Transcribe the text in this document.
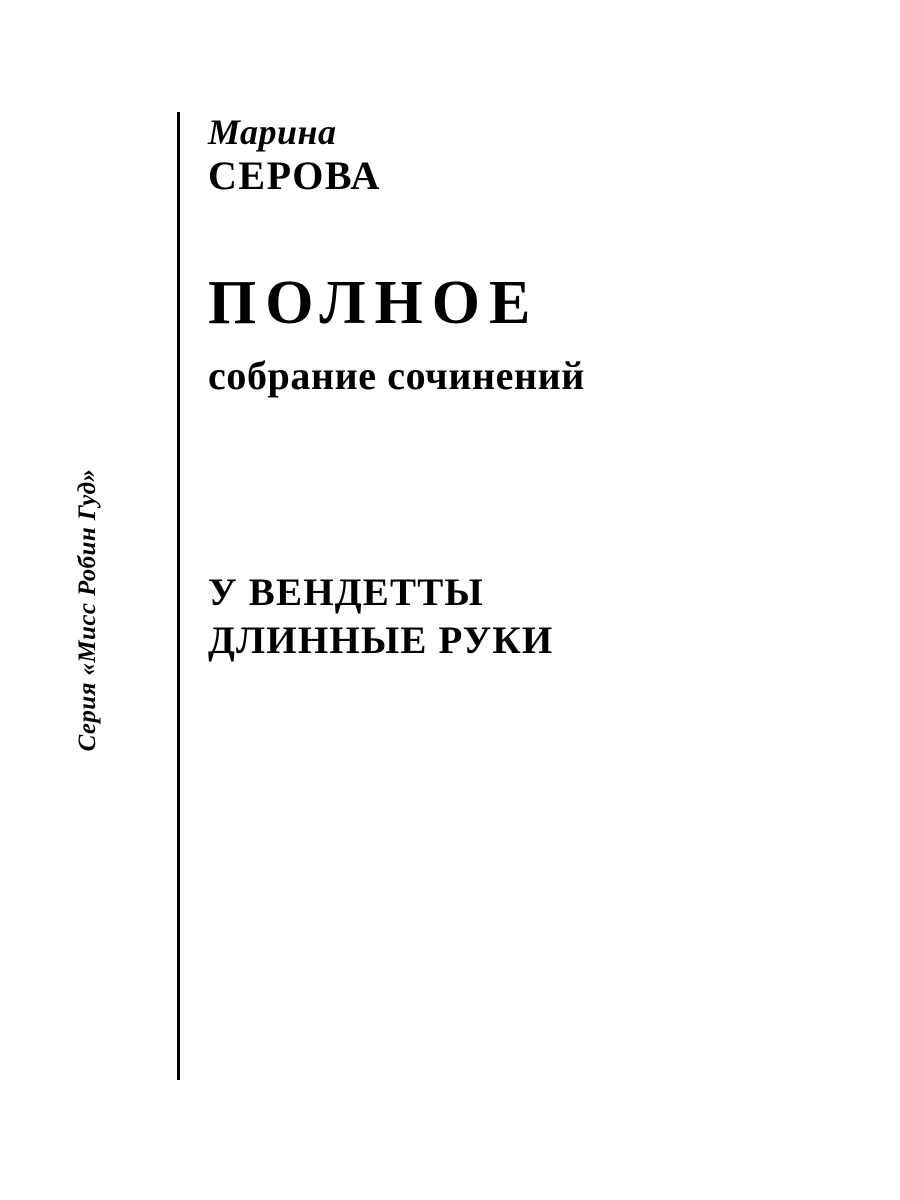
Серия «Мисс Робин Гуд»
Марина
СЕРОВА
ПОЛНОЕ
собрание сочинений
У ВЕНДЕТТЫ
ДЛИННЫЕ РУКИ
